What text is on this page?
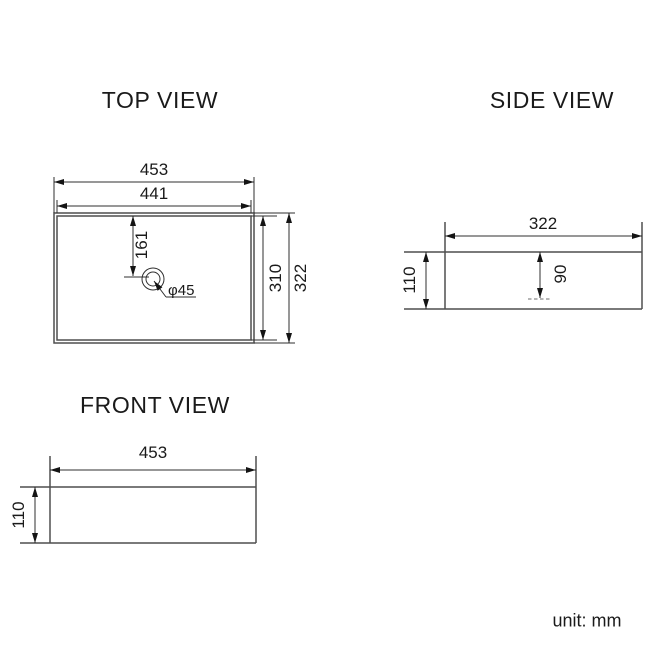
TOP VIEW
453
441
310 322
161
φ45
SIDE VIEW
322
110	90
FRONT VIEW
453
110
unit: mm
